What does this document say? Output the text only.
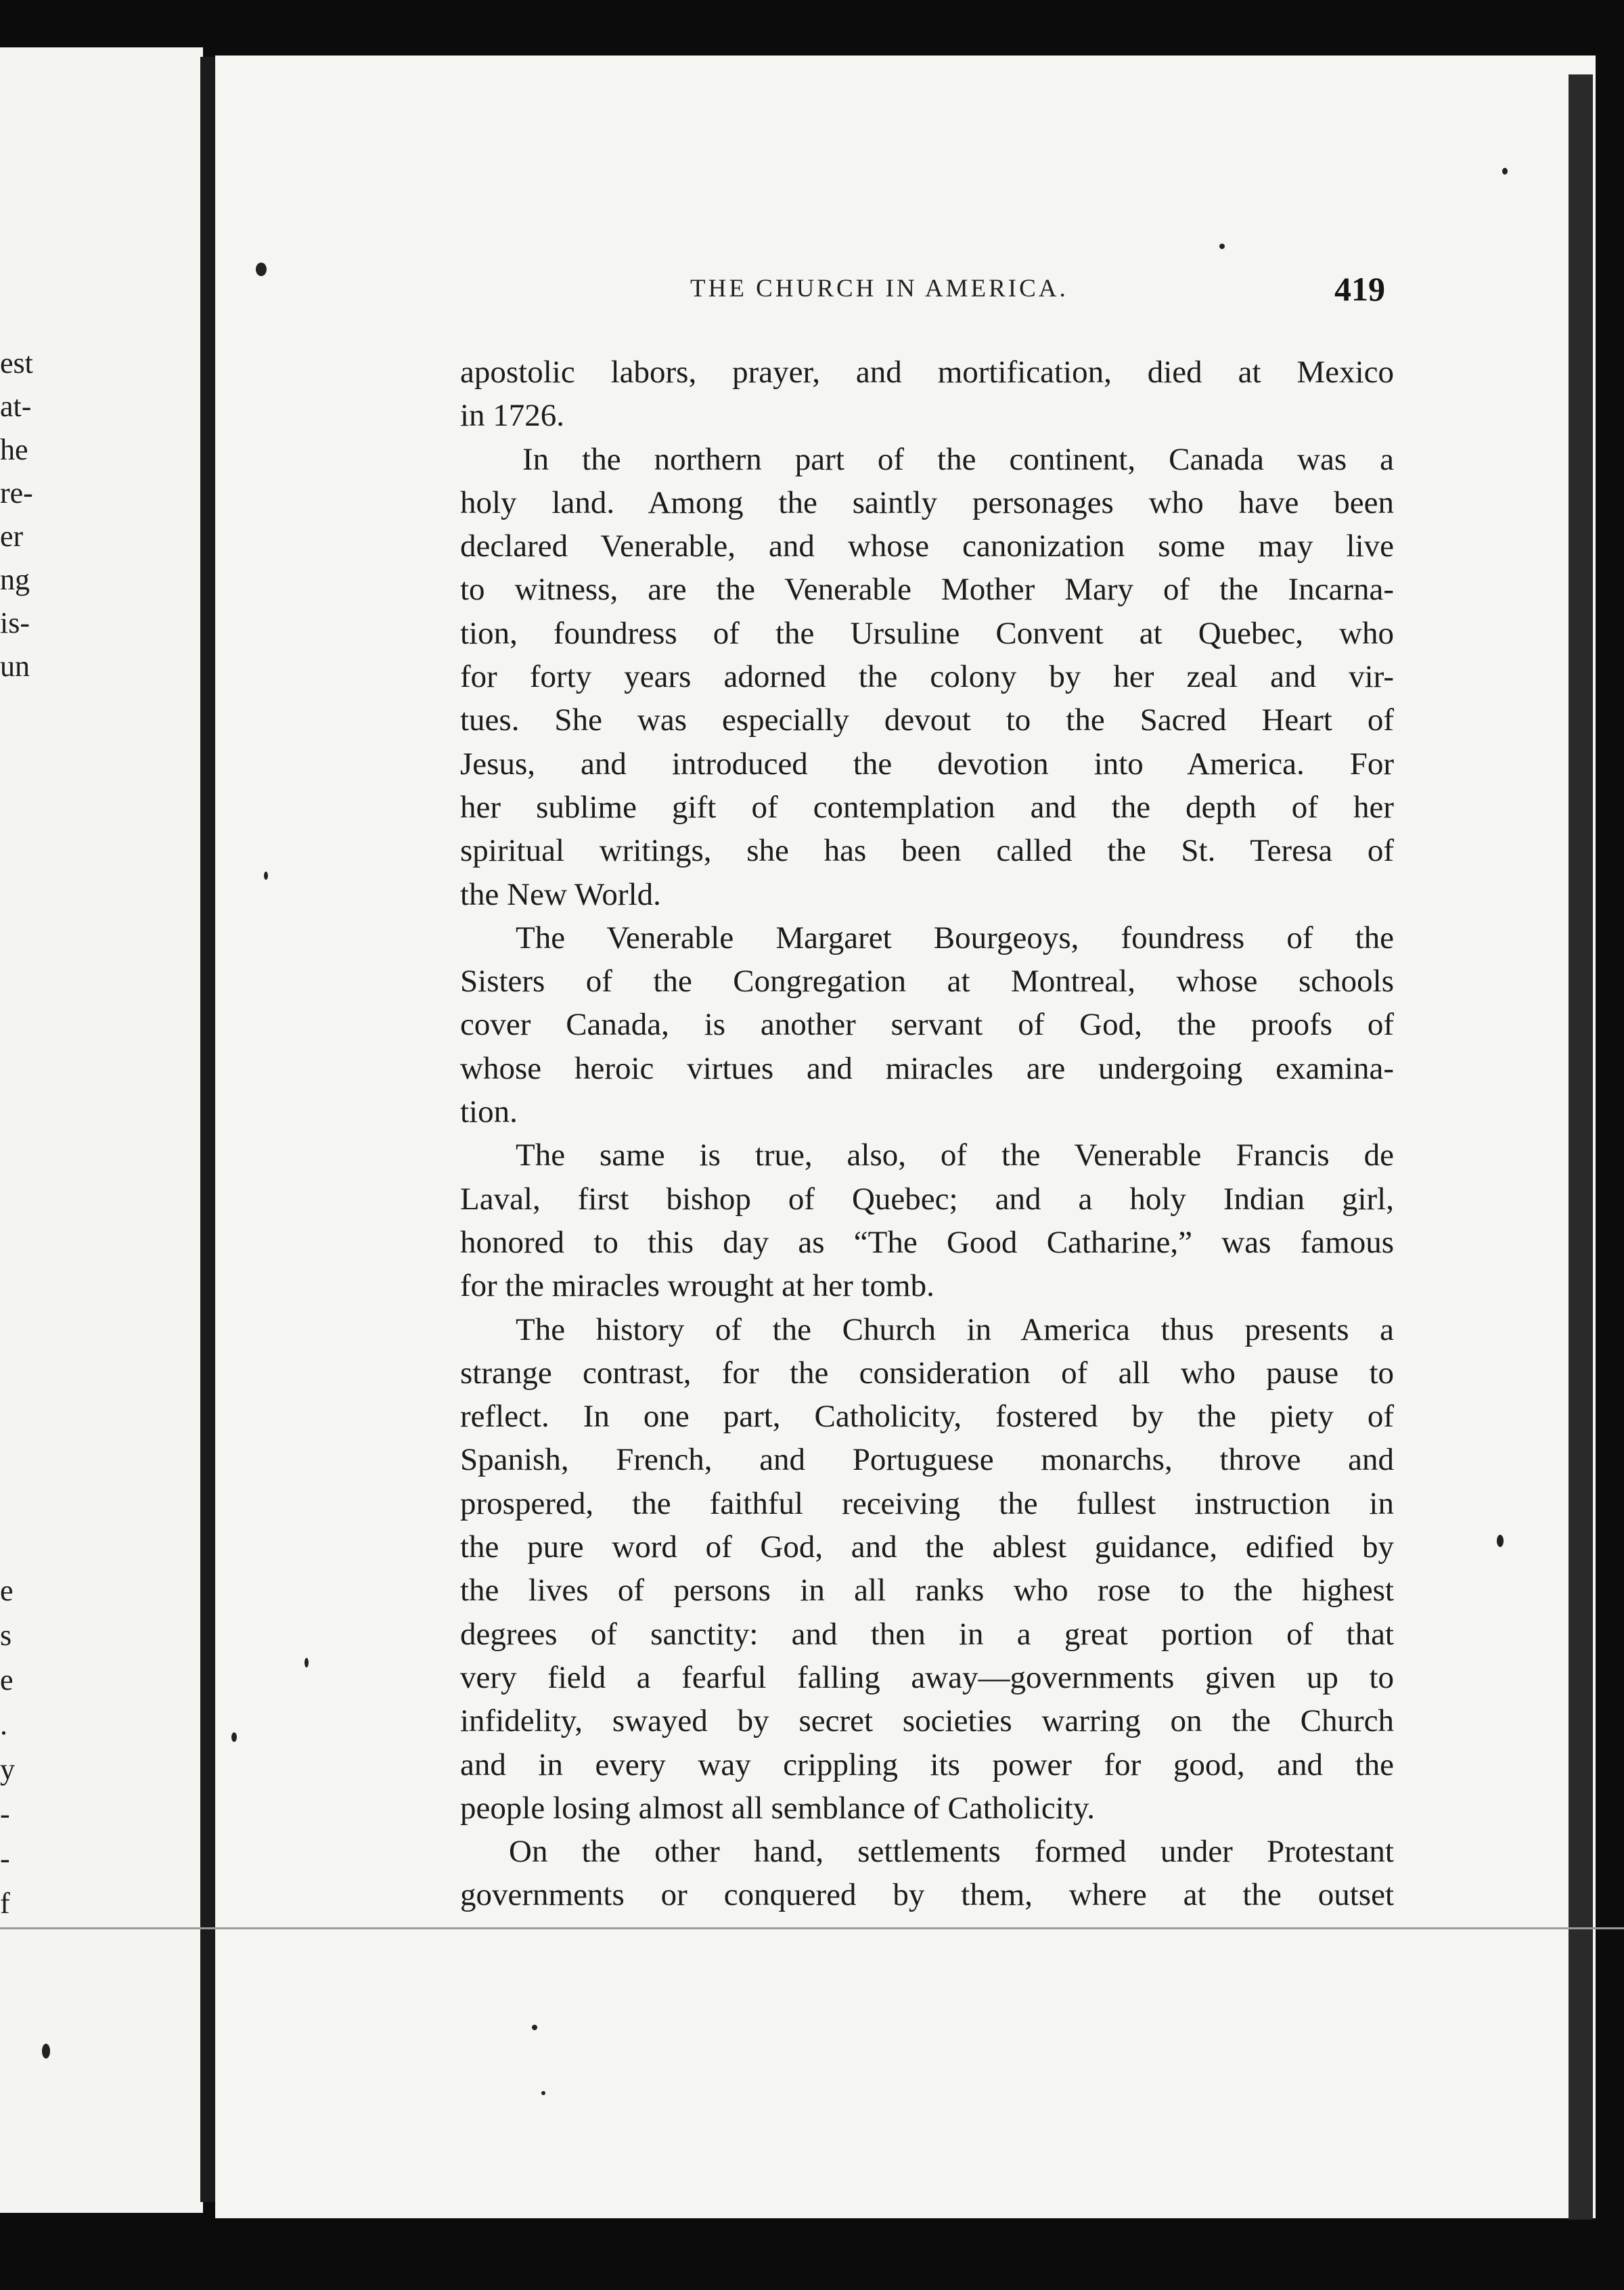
est
at-
he
re-
er
ng
is-
un
e
s
e
.
y
-
-
f
THE CHURCH IN AMERICA.	419
apostolic labors, prayer, and mortification, died at Mexico
in 1726.
In the northern part of the continent, Canada was a
holy land. Among the saintly personages who have been
declared Venerable, and whose canonization some may live
to witness, are the Venerable Mother Mary of the Incarna-
tion, foundress of the Ursuline Convent at Quebec, who
for forty years adorned the colony by her zeal and vir-
tues. She was especially devout to the Sacred Heart of
Jesus, and introduced the devotion into America. For
her sublime gift of contemplation and the depth of her
spiritual writings, she has been called the St. Teresa of
the New World.
The Venerable Margaret Bourgeoys, foundress of the
Sisters of the Congregation at Montreal, whose schools
cover Canada, is another servant of God, the proofs of
whose heroic virtues and miracles are undergoing examina-
tion.
The same is true, also, of the Venerable Francis de
Laval, first bishop of Quebec; and a holy Indian girl,
honored to this day as “The Good Catharine,” was famous
for the miracles wrought at her tomb.
The history of the Church in America thus presents a
strange contrast, for the consideration of all who pause to
reflect. In one part, Catholicity, fostered by the piety of
Spanish, French, and Portuguese monarchs, throve and
prospered, the faithful receiving the fullest instruction in
the pure word of God, and the ablest guidance, edified by
the lives of persons in all ranks who rose to the highest
degrees of sanctity: and then in a great portion of that
very field a fearful falling away—governments given up to
infidelity, swayed by secret societies warring on the Church
and in every way crippling its power for good, and the
people losing almost all semblance of Catholicity.
On the other hand, settlements formed under Protestant
governments or conquered by them, where at the outset
